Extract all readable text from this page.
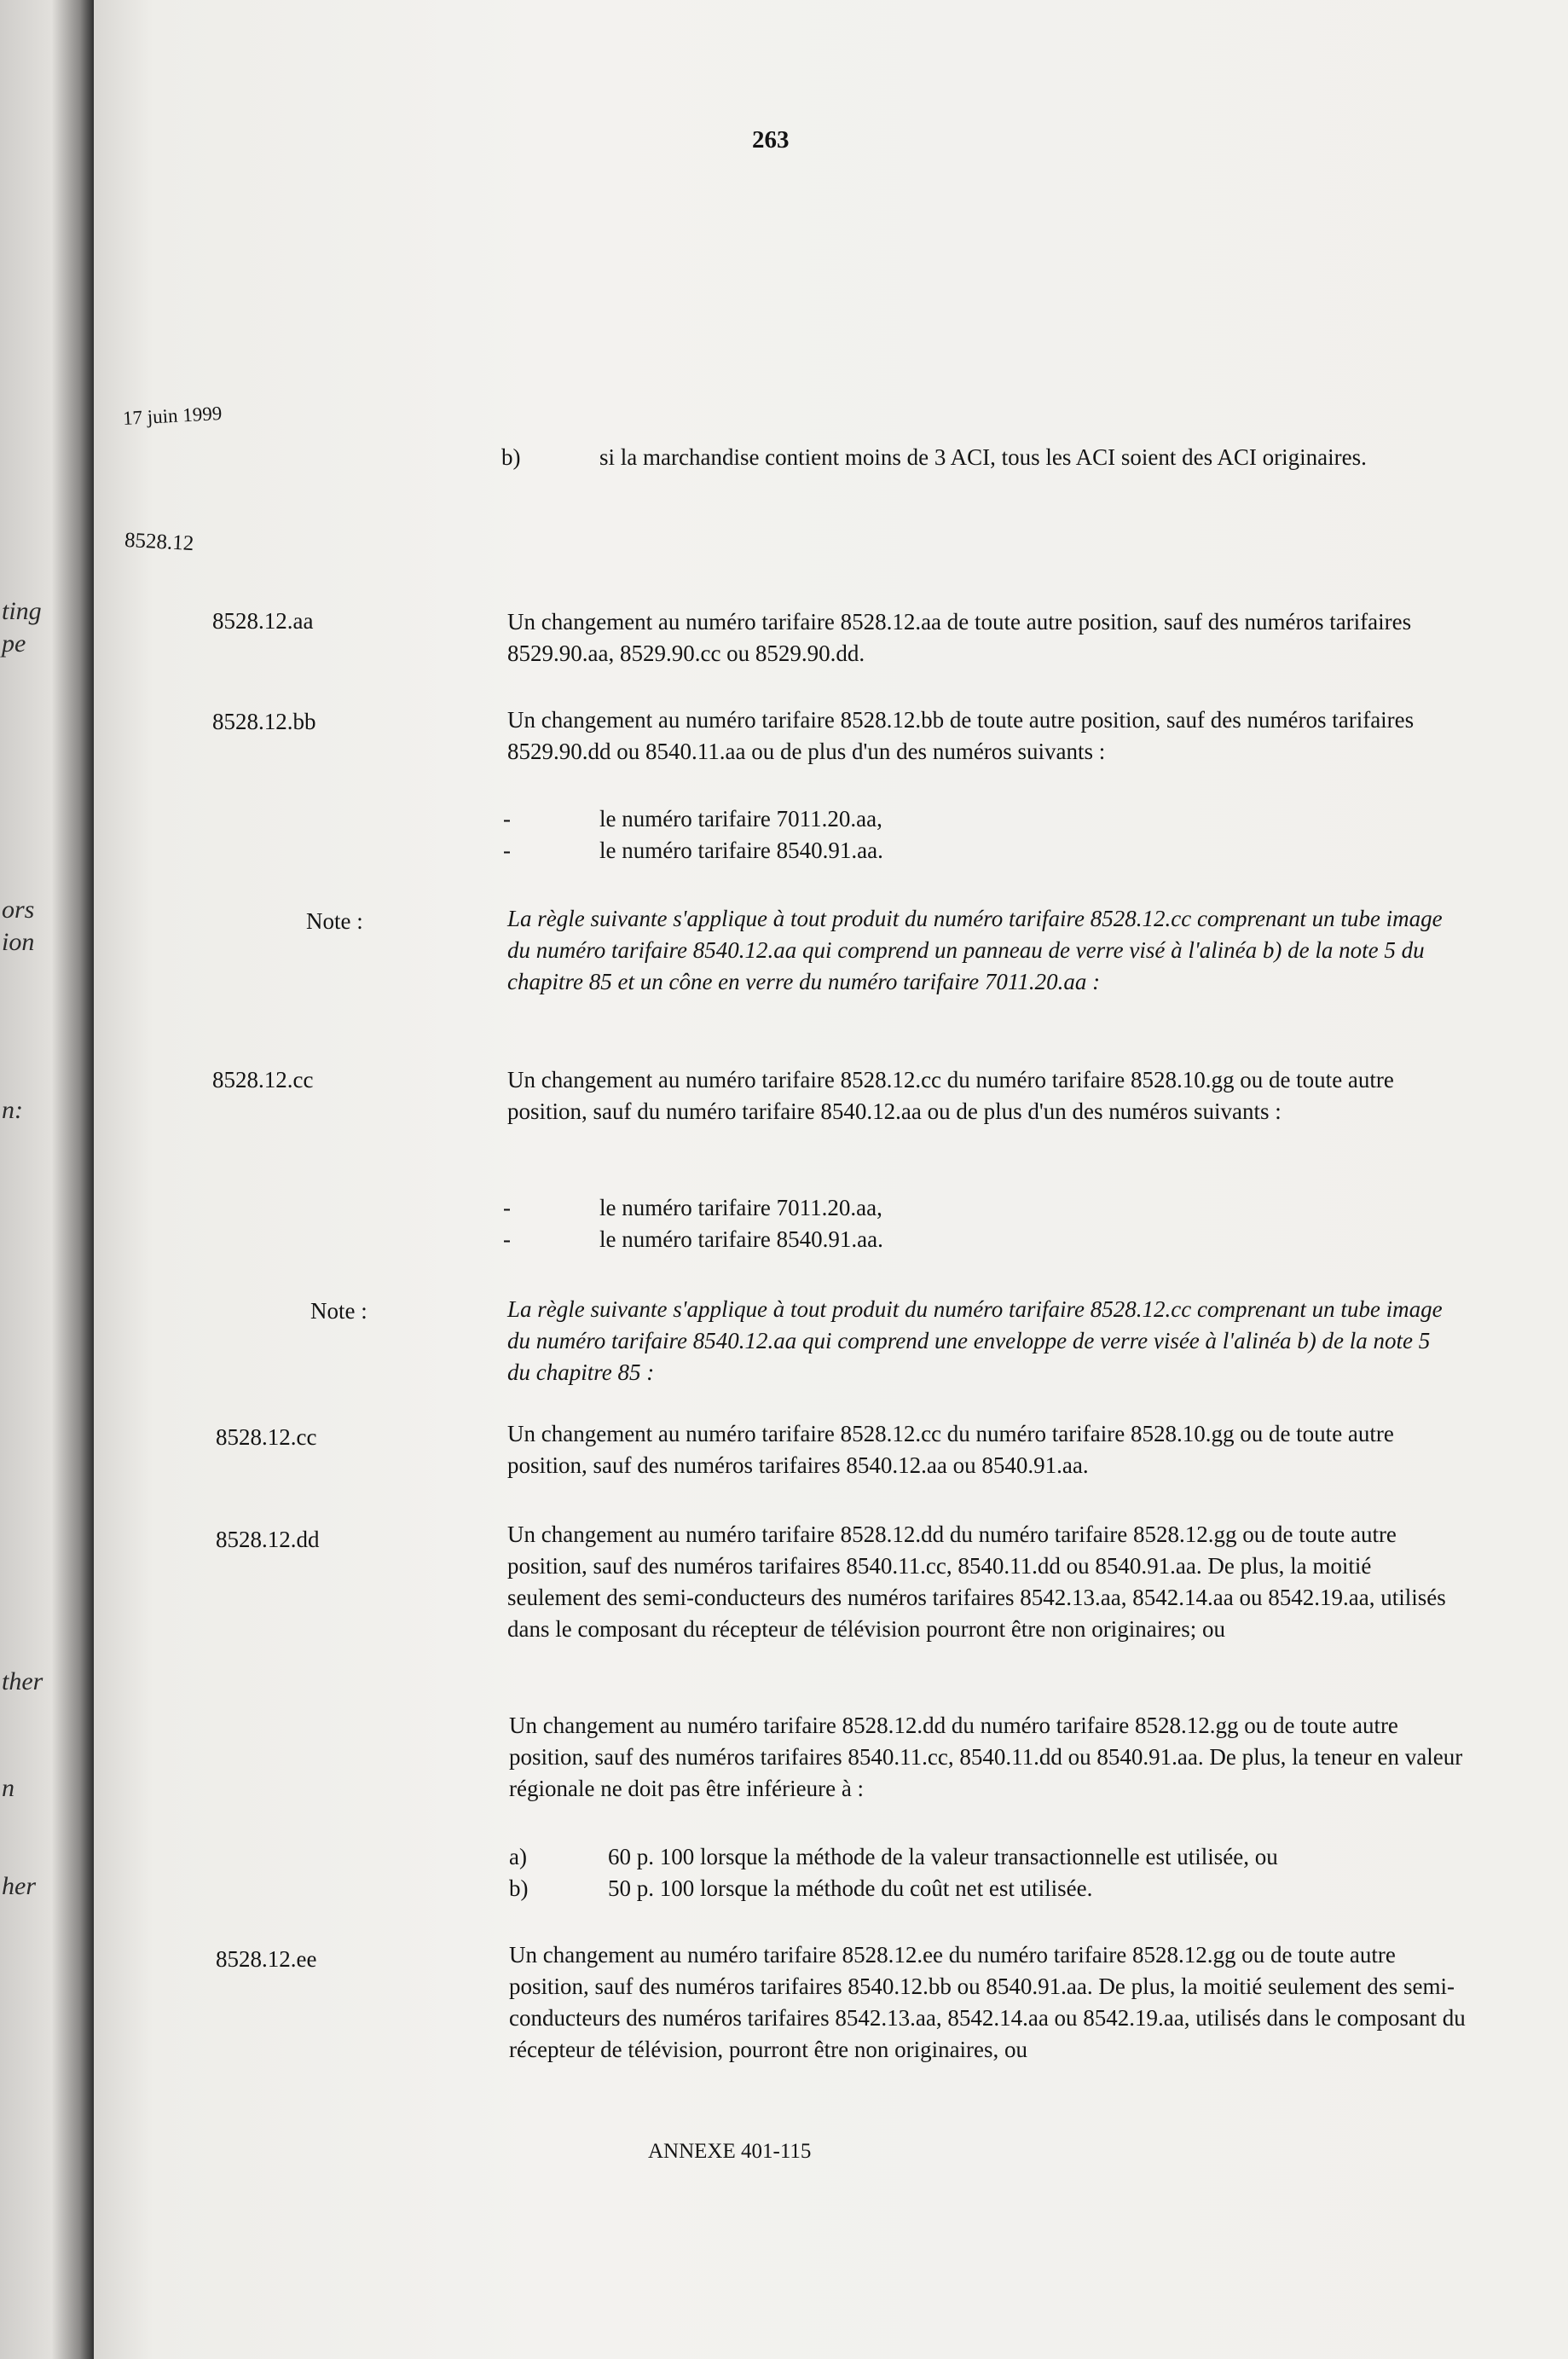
ting
pe
ors
ion
n:
ther
n
her
263
17 juin 1999
b)	si la marchandise contient moins de 3 ACI, tous les ACI soient des ACI originaires.
8528.12
8528.12.aa	Un changement au numéro tarifaire 8528.12.aa de toute autre position, sauf des numéros tarifaires 8529.90.aa, 8529.90.cc ou 8529.90.dd.
8528.12.bb	Un changement au numéro tarifaire 8528.12.bb de toute autre position, sauf des numéros tarifaires 8529.90.dd ou 8540.11.aa ou de plus d'un des numéros suivants :
-	le numéro tarifaire 7011.20.aa,
-	le numéro tarifaire 8540.91.aa.
Note :	La règle suivante s'applique à tout produit du numéro tarifaire 8528.12.cc comprenant un tube image du numéro tarifaire 8540.12.aa qui comprend un panneau de verre visé à l'alinéa b) de la note 5 du chapitre 85 et un cône en verre du numéro tarifaire 7011.20.aa :
8528.12.cc	Un changement au numéro tarifaire 8528.12.cc du numéro tarifaire 8528.10.gg ou de toute autre position, sauf du numéro tarifaire 8540.12.aa ou de plus d'un des numéros suivants :
-	le numéro tarifaire 7011.20.aa,
-	le numéro tarifaire 8540.91.aa.
Note :	La règle suivante s'applique à tout produit du numéro tarifaire 8528.12.cc comprenant un tube image du numéro tarifaire 8540.12.aa qui comprend une enveloppe de verre visée à l'alinéa b) de la note 5 du chapitre 85 :
8528.12.cc	Un changement au numéro tarifaire 8528.12.cc du numéro tarifaire 8528.10.gg ou de toute autre position, sauf des numéros tarifaires 8540.12.aa ou 8540.91.aa.
8528.12.dd	Un changement au numéro tarifaire 8528.12.dd du numéro tarifaire 8528.12.gg ou de toute autre position, sauf des numéros tarifaires 8540.11.cc, 8540.11.dd ou 8540.91.aa. De plus, la moitié seulement des semi-conducteurs des numéros tarifaires 8542.13.aa, 8542.14.aa ou 8542.19.aa, utilisés dans le composant du récepteur de télévision pourront être non originaires; ou
Un changement au numéro tarifaire 8528.12.dd du numéro tarifaire 8528.12.gg ou de toute autre position, sauf des numéros tarifaires 8540.11.cc, 8540.11.dd ou 8540.91.aa. De plus, la teneur en valeur régionale ne doit pas être inférieure à :
a)	60 p. 100 lorsque la méthode de la valeur transactionnelle est utilisée, ou
b)	50 p. 100 lorsque la méthode du coût net est utilisée.
8528.12.ee	Un changement au numéro tarifaire 8528.12.ee du numéro tarifaire 8528.12.gg ou de toute autre position, sauf des numéros tarifaires 8540.12.bb ou 8540.91.aa. De plus, la moitié seulement des semi-conducteurs des numéros tarifaires 8542.13.aa, 8542.14.aa ou 8542.19.aa, utilisés dans le composant du récepteur de télévision, pourront être non originaires, ou
ANNEXE 401-115
